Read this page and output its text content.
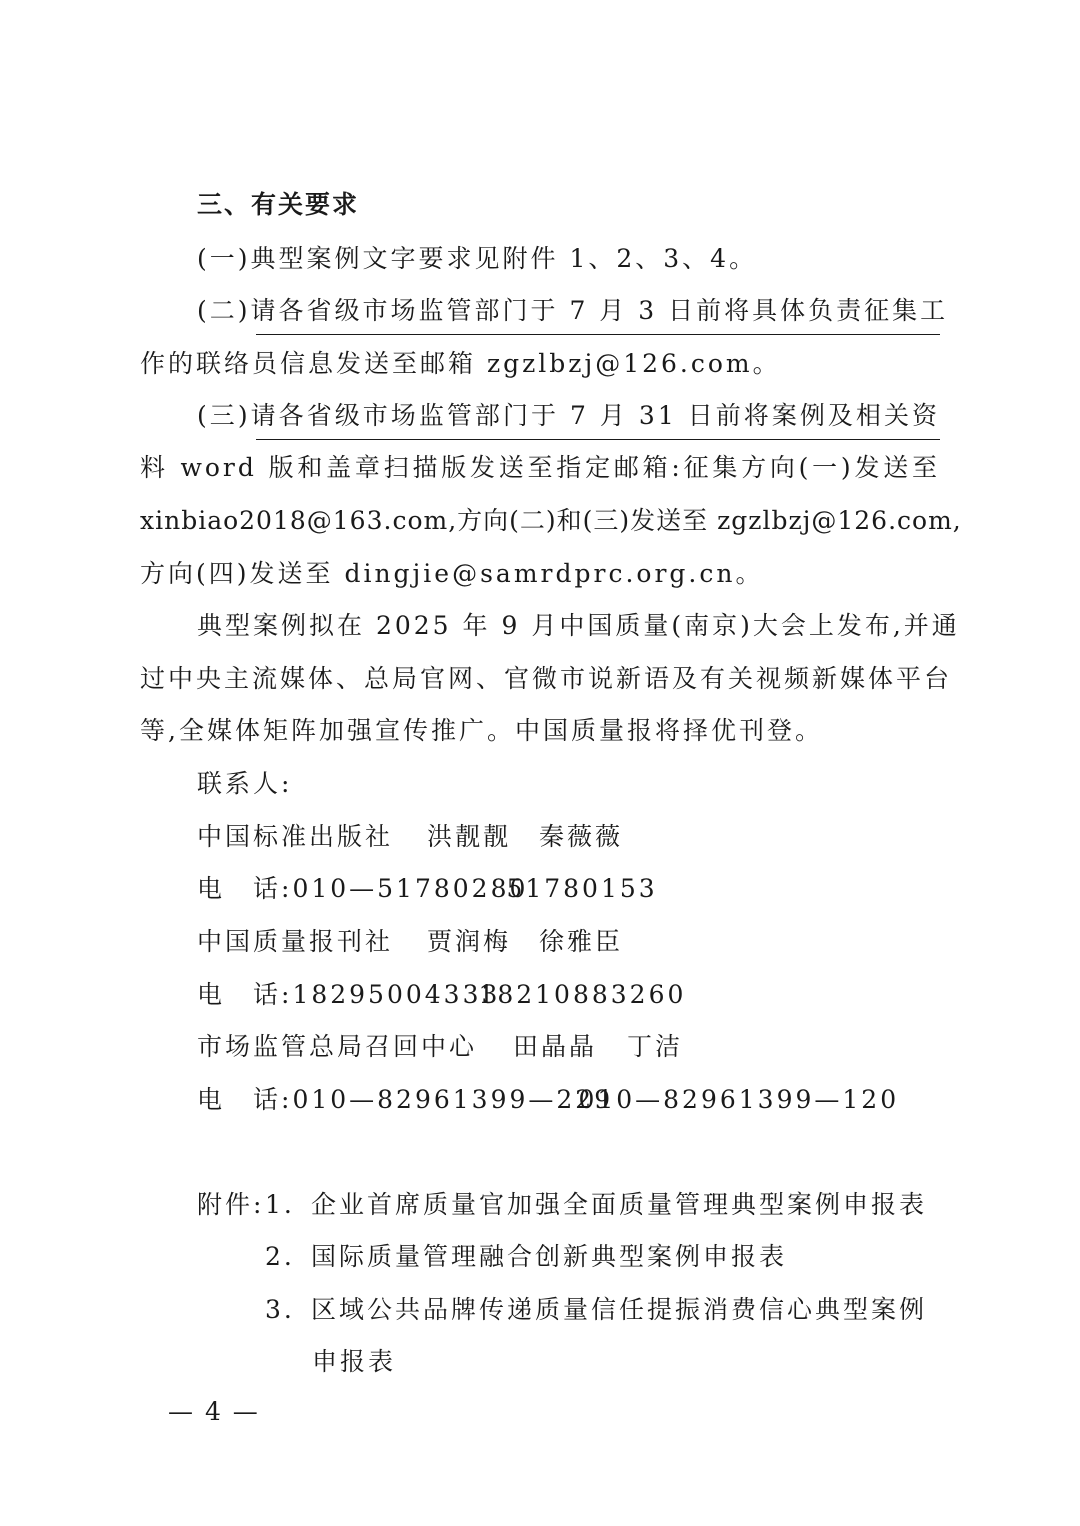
三、有关要求
(一)典型案例文字要求见附件 1、2、3、4。
(二)请各省级市场监管部门于 7 月 3 日前将具体负责征集工
作的联络员信息发送至邮箱 zgzlbzj@126.com。
(三)请各省级市场监管部门于 7 月 31 日前将案例及相关资
料 word 版和盖章扫描版发送至指定邮箱:征集方向(一)发送至
xinbiao2018@163.com,方向(二)和(三)发送至 zgzlbzj@126.com,
方向(四)发送至 dingjie@samrdprc.org.cn。
典型案例拟在 2025 年 9 月中国质量(南京)大会上发布,并通
过中央主流媒体、总局官网、官微市说新语及有关视频新媒体平台
等,全媒体矩阵加强宣传推广。中国质量报将择优刊登。
联系人:
中国标准出版社 洪靓靓 秦薇薇
电　话:010—5178028051780153
中国质量报刊社 贾润梅 徐雅臣
电　话:1829500433318210883260
市场监管总局召回中心 田晶晶 丁洁
电　话:010—82961399—229010—82961399—120
附件:1. 企业首席质量官加强全面质量管理典型案例申报表
2. 国际质量管理融合创新典型案例申报表
3. 区域公共品牌传递质量信任提振消费信心典型案例
申报表
— 4 —
